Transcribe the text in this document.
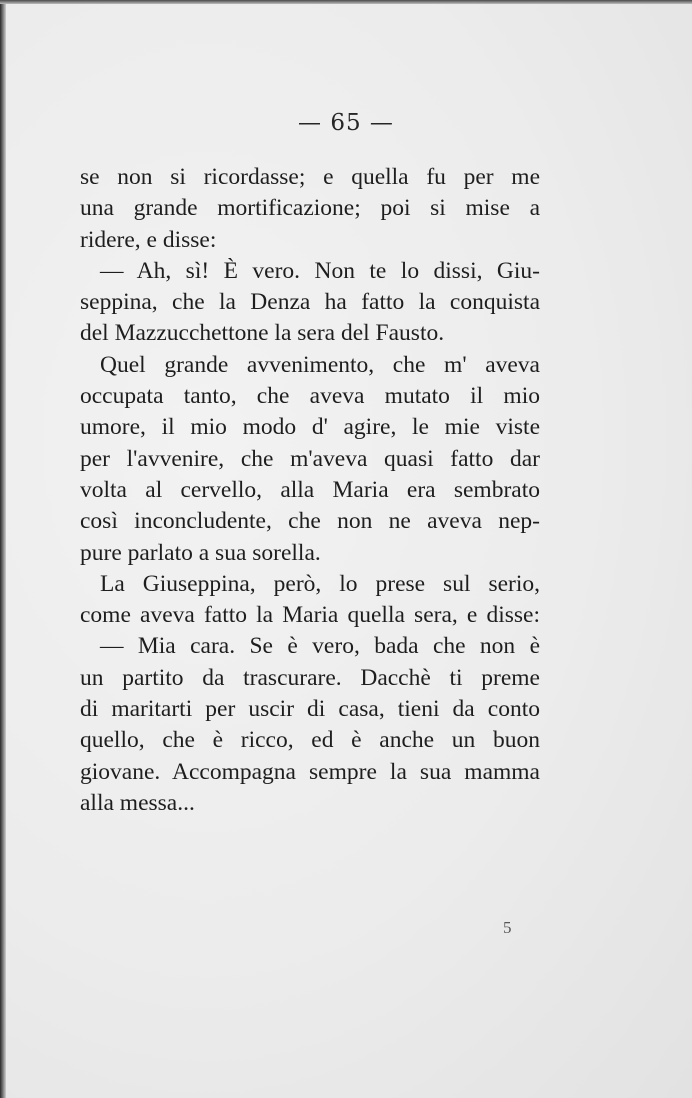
— 65 —
se non si ricordasse; e quella fu per me
una grande mortificazione; poi si mise a
ridere, e disse:
— Ah, sì! È vero. Non te lo dissi, Giu-
seppina, che la Denza ha fatto la conquista
del Mazzucchettone la sera del Fausto.
Quel grande avvenimento, che m' aveva
occupata tanto, che aveva mutato il mio
umore, il mio modo d' agire, le mie viste
per l'avvenire, che m'aveva quasi fatto dar
volta al cervello, alla Maria era sembrato
così inconcludente, che non ne aveva nep-
pure parlato a sua sorella.
La Giuseppina, però, lo prese sul serio,
come aveva fatto la Maria quella sera, e disse:
— Mia cara. Se è vero, bada che non è
un partito da trascurare. Dacchè ti preme
di maritarti per uscir di casa, tieni da conto
quello, che è ricco, ed è anche un buon
giovane. Accompagna sempre la sua mamma
alla messa...
5
